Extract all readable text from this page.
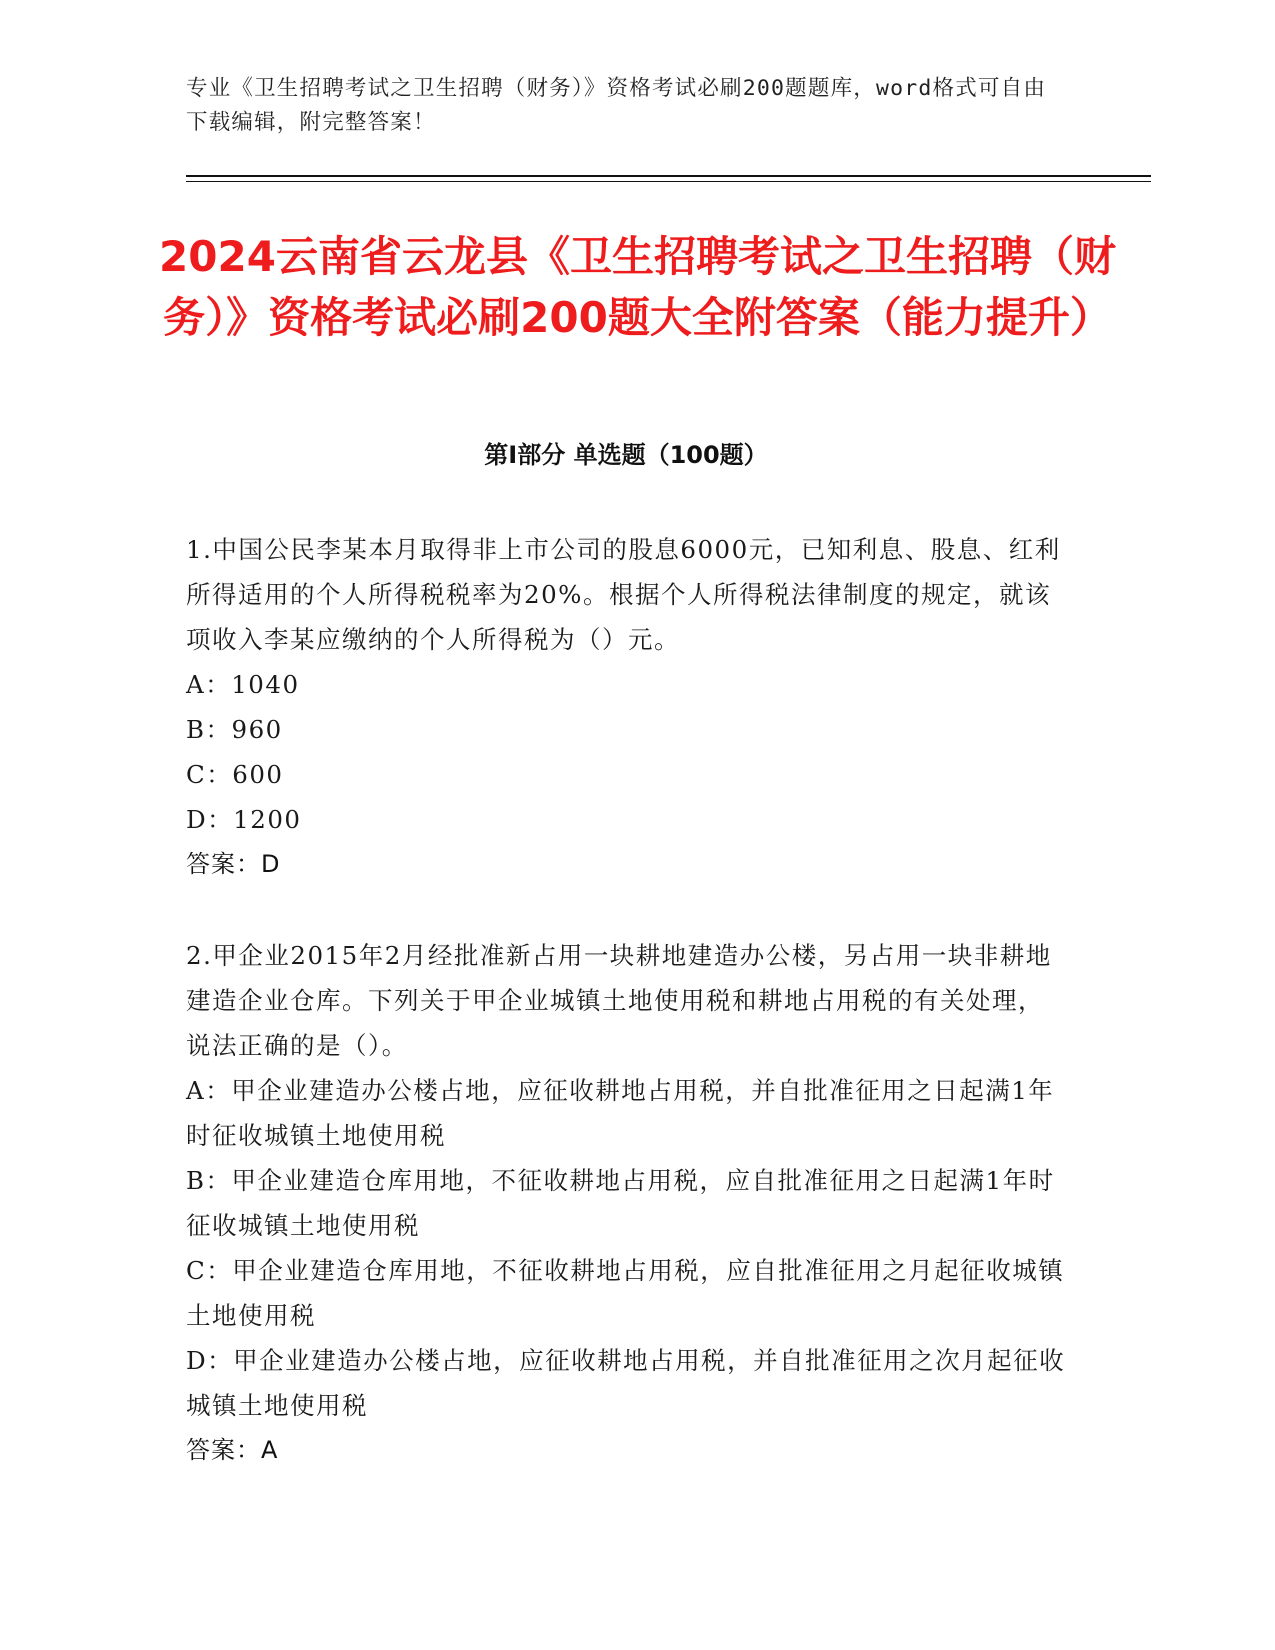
专业《卫生招聘考试之卫生招聘（财务）》资格考试必刷200题题库，word格式可自由下载编辑，附完整答案！
2024云南省云龙县《卫生招聘考试之卫生招聘（财务）》资格考试必刷200题大全附答案（能力提升）
第I部分 单选题（100题）
1.中国公民李某本月取得非上市公司的股息6000元，已知利息、股息、红利所得适用的个人所得税税率为20%。根据个人所得税法律制度的规定，就该项收入李某应缴纳的个人所得税为（）元。
A：1040
B：960
C：600
D：1200
答案：D
2.甲企业2015年2月经批准新占用一块耕地建造办公楼，另占用一块非耕地建造企业仓库。下列关于甲企业城镇土地使用税和耕地占用税的有关处理，说法正确的是（）。
A：甲企业建造办公楼占地，应征收耕地占用税，并自批准征用之日起满1年时征收城镇土地使用税
B：甲企业建造仓库用地，不征收耕地占用税，应自批准征用之日起满1年时征收城镇土地使用税
C：甲企业建造仓库用地，不征收耕地占用税，应自批准征用之月起征收城镇土地使用税
D：甲企业建造办公楼占地，应征收耕地占用税，并自批准征用之次月起征收城镇土地使用税
答案：A
